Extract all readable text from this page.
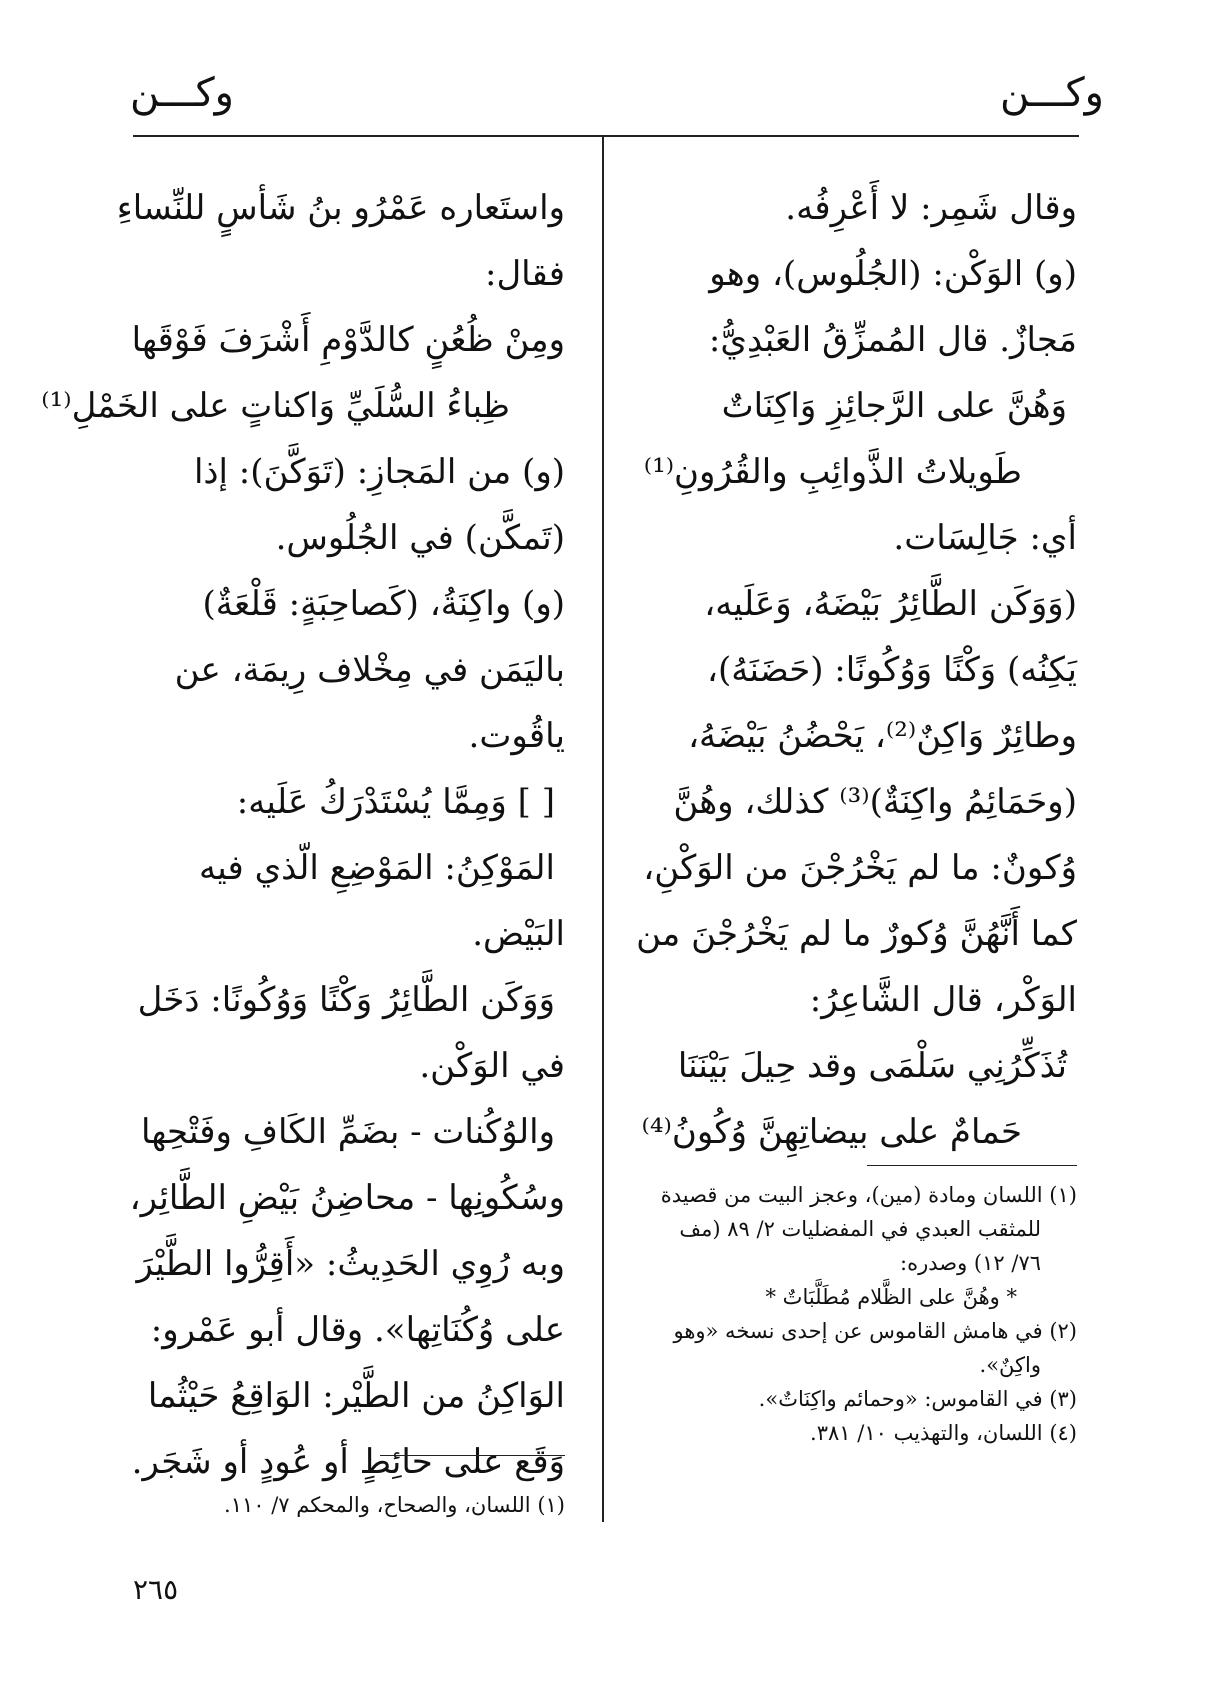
وكـــن
وكـــن
وقال شَمِر: لا أَعْرِفُه.
(و) الوَكْن: (الجُلُوس)، وهو
مَجازٌ. قال المُمزِّقُ العَبْدِيُّ:
وَهُنَّ على الرَّجائِزِ وَاكِنَاتٌ
طَويلاتُ الذَّوائِبِ والقُرُونِ⁽¹⁾
أي: جَالِسَات.
(وَوَكَن الطَّائِرُ بَيْضَهُ، وَعَلَيه،
يَكِنُه) وَكْنًا وَوُكُونًا: (حَضَنَهُ)،
وطائِرٌ وَاكِنٌ⁽²⁾، يَحْضُنُ بَيْضَهُ،
(وحَمَائِمُ واكِنَةٌ)⁽³⁾ كذلك، وهُنَّ
وُكونٌ: ما لم يَخْرُجْنَ من الوَكْنِ،
كما أَنَّهُنَّ وُكورٌ ما لم يَخْرُجْنَ من
الوَكْر، قال الشَّاعِرُ:
تُذَكِّرُنِي سَلْمَى وقد حِيلَ بَيْنَنَا
حَمامٌ على بيضاتِهِنَّ وُكُونُ⁽⁴⁾
(١) اللسان ومادة (مين)، وعجز البيت من قصيدة
للمثقب العبدي في المفضليات ٢/ ٨٩ (مف
٧٦/ ١٢) وصدره:
* وهُنَّ على الظَّلام مُطَلَّبَاتٌ *
(٢) في هامش القاموس عن إحدى نسخه «وهو
واكِنٌ».
(٣) في القاموس: «وحمائم واكِنَاتٌ».
(٤) اللسان، والتهذيب ١٠/ ٣٨١.
واستَعاره عَمْرُو بنُ شَأسٍ للنِّساءِ
فقال:
ومِنْ ظُعُنٍ كالدَّوْمِ أَشْرَفَ فَوْقَها
ظِباءُ السُّلَيِّ وَاكناتٍ على الخَمْلِ⁽¹⁾
(و) من المَجازِ: (تَوَكَّنَ): إذا
(تَمكَّن) في الجُلُوس.
(و) واكِنَةُ، (كَصاحِبَةٍ: قَلْعَةٌ)
باليَمَن في مِخْلاف رِيمَة، عن
ياقُوت.
[ ] وَمِمَّا يُسْتَدْرَكُ عَلَيه:
المَوْكِنُ: المَوْضِعِ الّذي فيه
البَيْض.
وَوَكَن الطَّائِرُ وَكْنًا وَوُكُونًا: دَخَل
في الوَكْن.
والوُكُنات - بضَمِّ الكَافِ وفَتْحِها
وسُكُونِها - محاضِنُ بَيْضِ الطَّائِر،
وبه رُوِي الحَدِيثُ: «أَقِرُّوا الطَّيْرَ
على وُكُنَاتِها». وقال أبو عَمْرو:
الوَاكِنُ من الطَّيْر: الوَاقِعُ حَيْثُما
وَقَع على حائِطٍ أو عُودٍ أو شَجَر.
(١) اللسان، والصحاح، والمحكم ٧/ ١١٠.
٢٦٥
